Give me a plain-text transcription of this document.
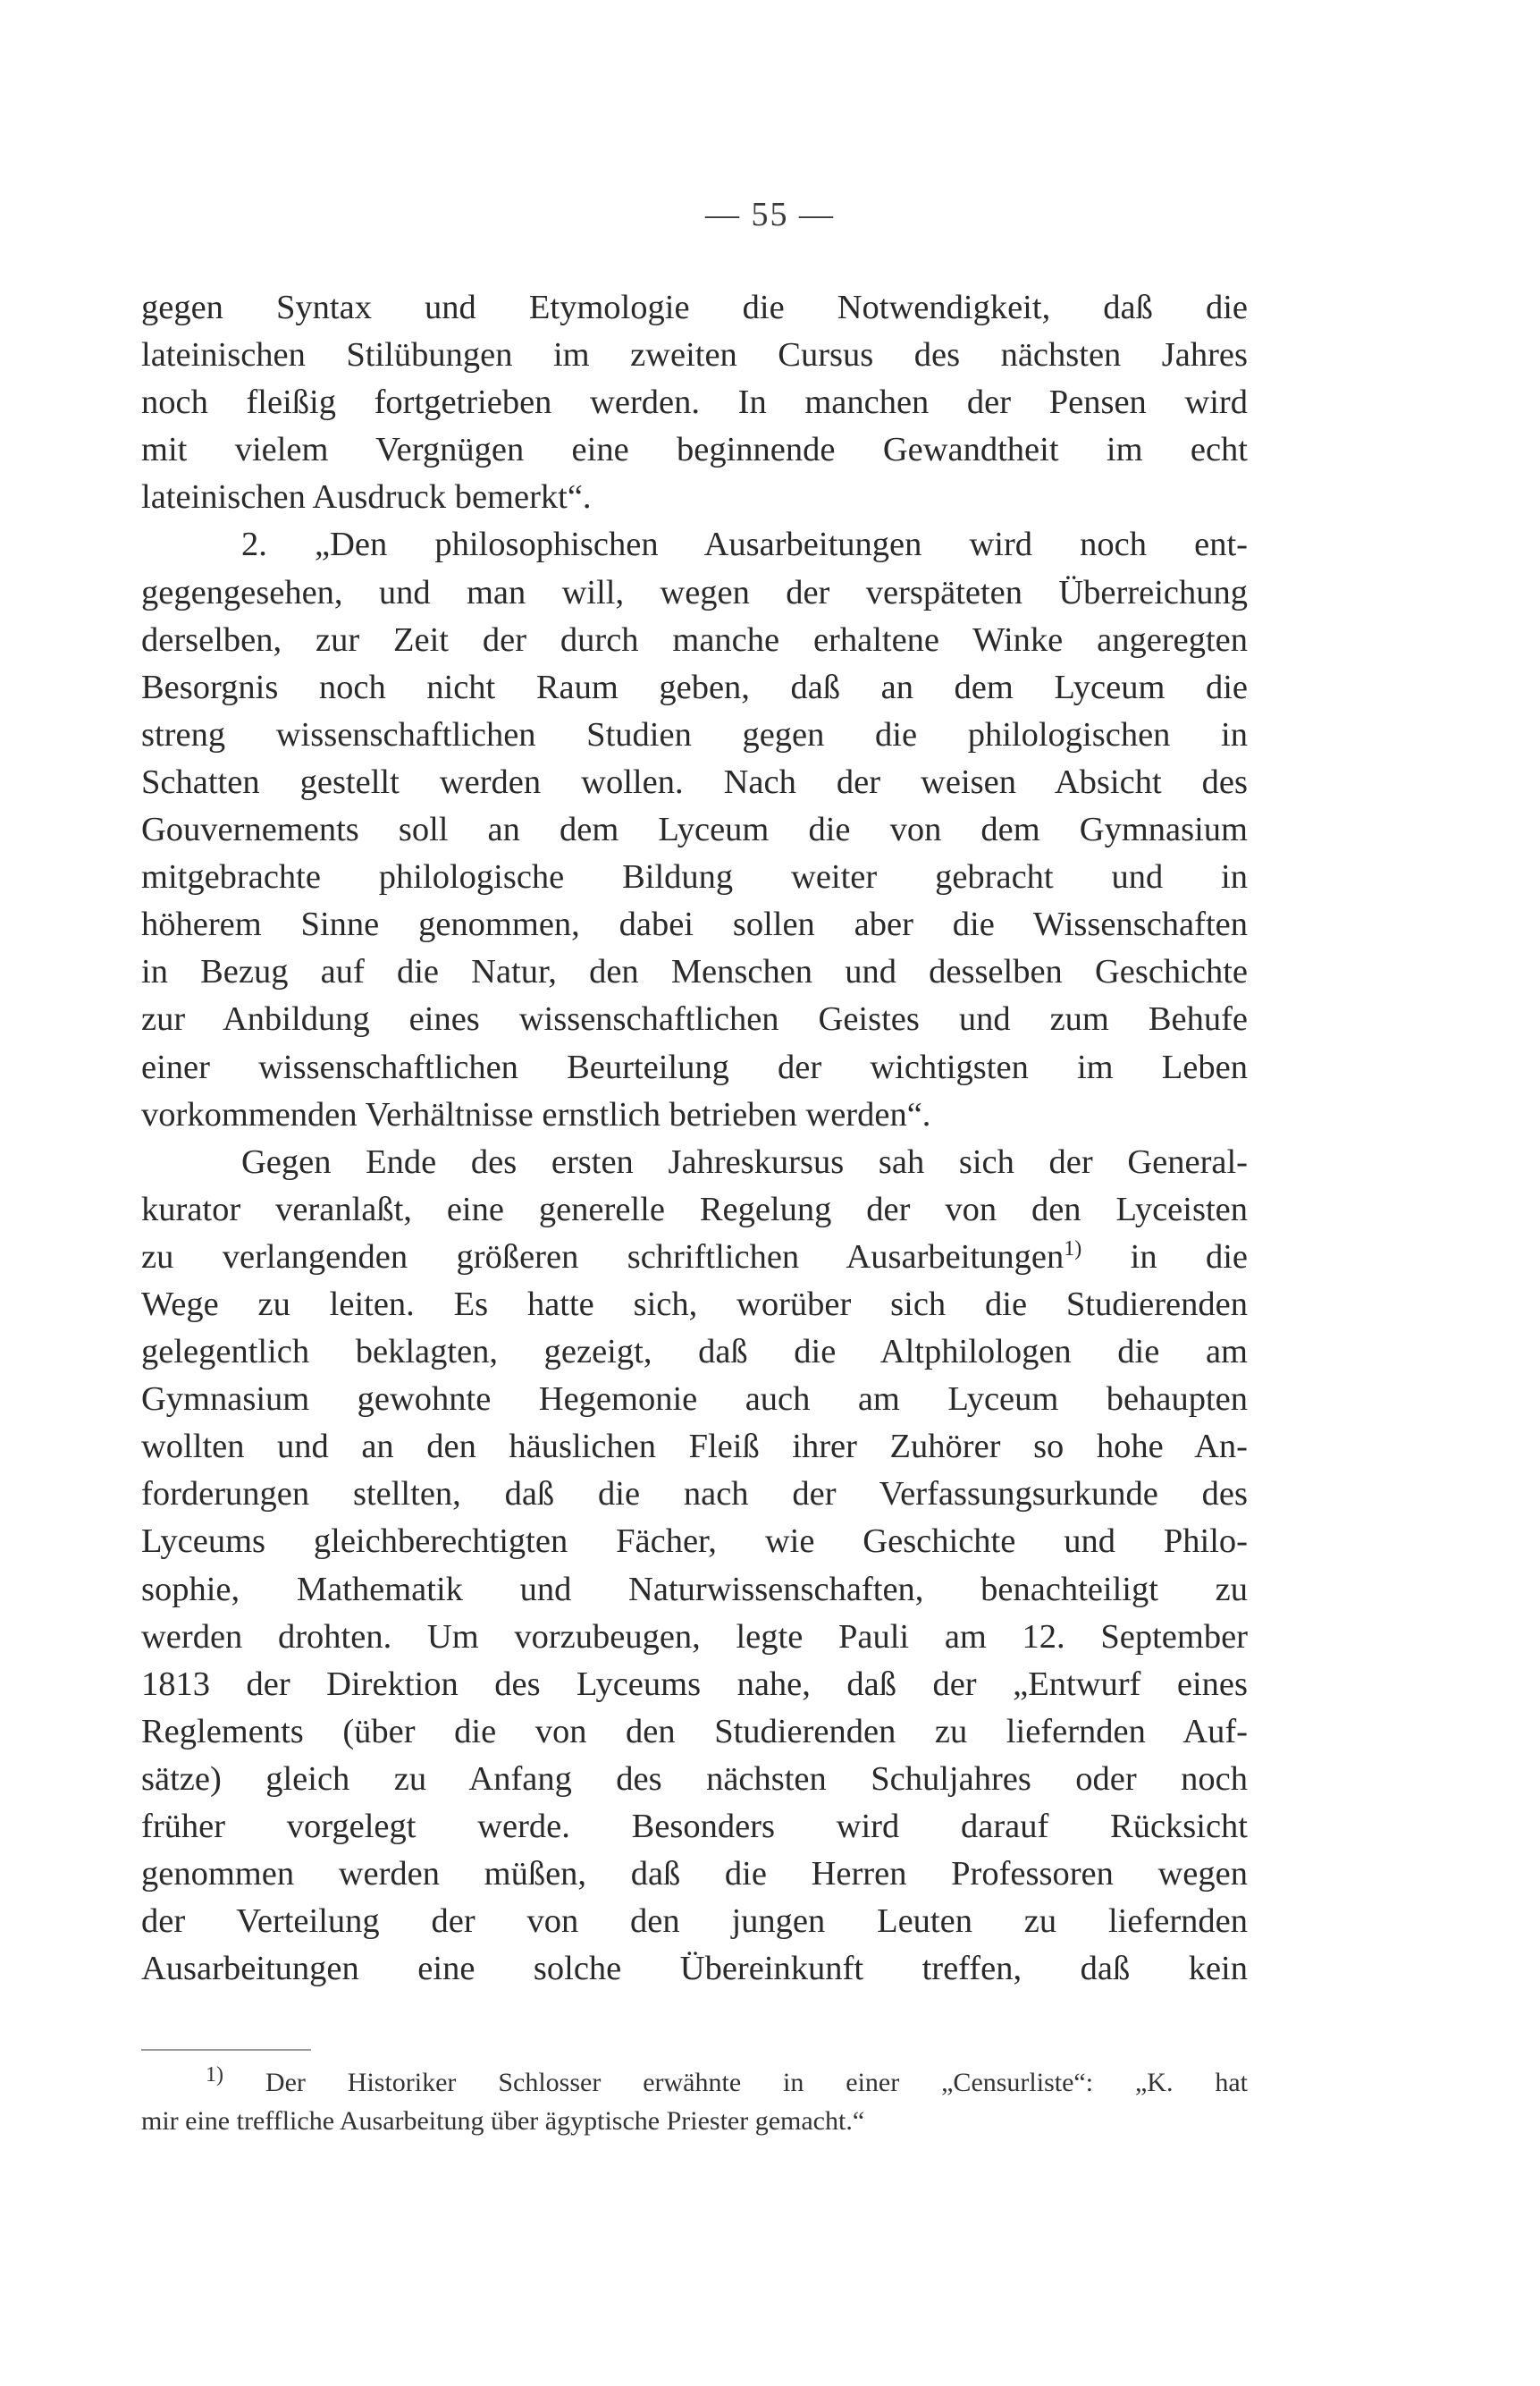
— 55 —
gegen Syntax und Etymologie die Notwendigkeit, daß die
lateinischen Stilübungen im zweiten Cursus des nächsten Jahres
noch fleißig fortgetrieben werden. In manchen der Pensen wird
mit vielem Vergnügen eine beginnende Gewandtheit im echt
lateinischen Ausdruck bemerkt“.
2. „Den philosophischen Ausarbeitungen wird noch ent-
gegengesehen, und man will, wegen der verspäteten Überreichung
derselben, zur Zeit der durch manche erhaltene Winke angeregten
Besorgnis noch nicht Raum geben, daß an dem Lyceum die
streng wissenschaftlichen Studien gegen die philologischen in
Schatten gestellt werden wollen. Nach der weisen Absicht des
Gouvernements soll an dem Lyceum die von dem Gymnasium
mitgebrachte philologische Bildung weiter gebracht und in
höherem Sinne genommen, dabei sollen aber die Wissenschaften
in Bezug auf die Natur, den Menschen und desselben Geschichte
zur Anbildung eines wissenschaftlichen Geistes und zum Behufe
einer wissenschaftlichen Beurteilung der wichtigsten im Leben
vorkommenden Verhältnisse ernstlich betrieben werden“.
Gegen Ende des ersten Jahreskursus sah sich der General-
kurator veranlaßt, eine generelle Regelung der von den Lyceisten
zu verlangenden größeren schriftlichen Ausarbeitungen$^{1)}$ in die
Wege zu leiten. Es hatte sich, worüber sich die Studierenden
gelegentlich beklagten, gezeigt, daß die Altphilologen die am
Gymnasium gewohnte Hegemonie auch am Lyceum behaupten
wollten und an den häuslichen Fleiß ihrer Zuhörer so hohe An-
forderungen stellten, daß die nach der Verfassungsurkunde des
Lyceums gleichberechtigten Fächer, wie Geschichte und Philo-
sophie, Mathematik und Naturwissenschaften, benachteiligt zu
werden drohten. Um vorzubeugen, legte Pauli am 12. September
1813 der Direktion des Lyceums nahe, daß der „Entwurf eines
Reglements (über die von den Studierenden zu liefernden Auf-
sätze) gleich zu Anfang des nächsten Schuljahres oder noch
früher vorgelegt werde. Besonders wird darauf Rücksicht
genommen werden müßen, daß die Herren Professoren wegen
der Verteilung der von den jungen Leuten zu liefernden
Ausarbeitungen eine solche Übereinkunft treffen, daß kein
$^{1)}$ Der Historiker Schlosser erwähnte in einer „Censurliste“: „K. hat
mir eine treffliche Ausarbeitung über ägyptische Priester gemacht.“
